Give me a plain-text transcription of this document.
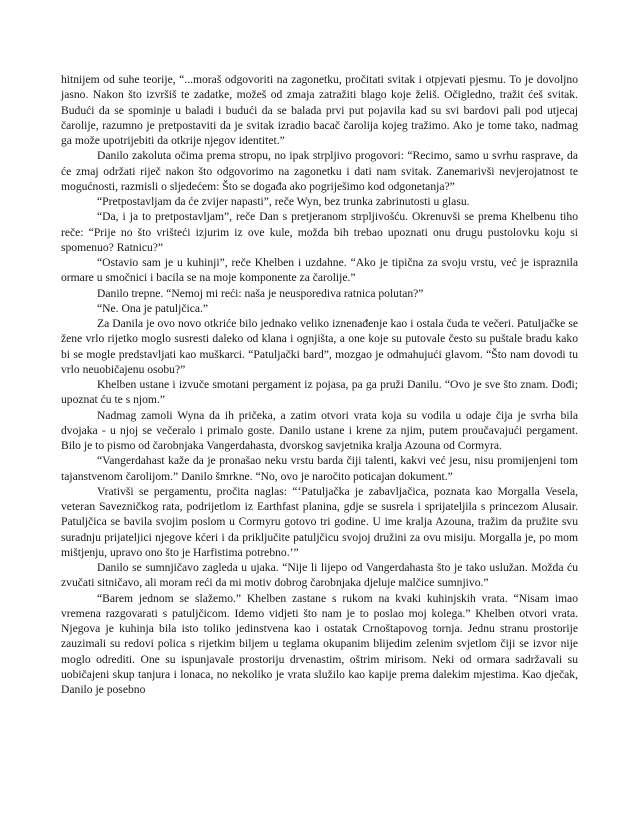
hitnijem od suhe teorije, “...moraš odgovoriti na zagonetku, pročitati svitak i otpjevati pjesmu. To je dovoljno jasno. Nakon što izvršiš te zadatke, možeš od zmaja zatražiti blago koje želiš. Očigledno, tražit ćeš svitak. Budući da se spominje u baladi i budući da se balada prvi put pojavila kad su svi bardovi pali pod utjecaj čarolije, razumno je pretpostaviti da je svitak izradio bacač čarolija kojeg tražimo. Ako je tome tako, nadmag ga može upotrijebiti da otkrije njegov identitet.”

Danilo zakoluta očima prema stropu, no ipak strpljivo progovori: “Recimo, samo u svrhu rasprave, da će zmaj održati riječ nakon što odgovorimo na zagonetku i dati nam svitak. Zanemarivši nevjerojatnost te mogućnosti, razmisli o sljedećem: Što se događa ako pogriješimo kod odgonetanja?”

“Pretpostavljam da će zvijer napasti”, reče Wyn, bez trunka zabrinutosti u glasu.

“Da, i ja to pretpostavljam”, reče Dan s pretjeranom strpljivošću. Okrenuvši se prema Khelbenu tiho reče: “Prije no što vrišteći izjurim iz ove kule, možda bih trebao upoznati onu drugu pustolovku koju si spomenuo? Ratnicu?”

“Ostavio sam je u kuhinji”, reče Khelben i uzdahne. “Ako je tipična za svoju vrstu, već je ispraznila ormare u smočnici i bacila se na moje komponente za čarolije.”

Danilo trepne. “Nemoj mi reći: naša je neusporediva ratnica polutan?”

“Ne. Ona je patuljčica.”

Za Danila je ovo novo otkriće bilo jednako veliko iznenađenje kao i ostala čuda te večeri. Patuljačke se žene vrlo rijetko moglo susresti daleko od klana i ognjišta, a one koje su putovale često su puštale bradu kako bi se mogle predstavljati kao muškarci. “Patuljački bard”, mozgao je odmahujući glavom. “Što nam dovodi tu vrlo neuobičajenu osobu?”

Khelben ustane i izvuče smotani pergament iz pojasa, pa ga pruži Danilu. “Ovo je sve što znam. Dođi; upoznat ću te s njom.”

Nadmag zamoli Wyna da ih pričeka, a zatim otvori vrata koja su vodila u odaje čija je svrha bila dvojaka - u njoj se večeralo i primalo goste. Danilo ustane i krene za njim, putem proučavajući pergament. Bilo je to pismo od čarobnjaka Vangerdahasta, dvorskog savjetnika kralja Azouna od Cormyra.

“Vangerdahast kaže da je pronašao neku vrstu barda čiji talenti, kakvi već jesu, nisu promijenjeni tom tajanstvenom čarolijom.” Danilo šmrkne. “No, ovo je naročito poticajan dokument.”

Vrativši se pergamentu, pročita naglas: “‘Patuljačka je zabavljačica, poznata kao Morgalla Vesela, veteran Savezničkog rata, podrijetlom iz Earthfast planina, gdje se susrela i sprijateljila s princezom Alusair. Patuljčica se bavila svojim poslom u Cormyru gotovo tri godine. U ime kralja Azouna, tražim da pružite svu suradnju prijateljici njegove kćeri i da priključite patuljčicu svojoj družini za ovu misiju. Morgalla je, po mom mištjenju, upravo ono što je Harfistima potrebno.’”

Danilo se sumnjičavo zagleda u ujaka. “Nije li lijepo od Vangerdahasta što je tako uslužan. Možda ću zvučati sitničavo, ali moram reći da mi motiv dobrog čarobnjaka djeluje malčice sumnjivo.”

“Barem jednom se slažemo.” Khelben zastane s rukom na kvaki kuhinjskih vrata. “Nisam imao vremena razgovarati s patuljčicom. Idemo vidjeti što nam je to poslao moj kolega.” Khelben otvori vrata. Njegova je kuhinja bila isto toliko jedinstvena kao i ostatak Crnoštapovog tornja. Jednu stranu prostorije zauzimali su redovi polica s rijetkim biljem u teglama okupanim blijedim zelenim svjetlom čiji se izvor nije moglo odrediti. One su ispunjavale prostoriju drvenastim, oštrim mirisom. Neki od ormara sadržavali su uobičajeni skup tanjura i lonaca, no nekoliko je vrata služilo kao kapije prema dalekim mjestima. Kao dječak, Danilo je posebno
